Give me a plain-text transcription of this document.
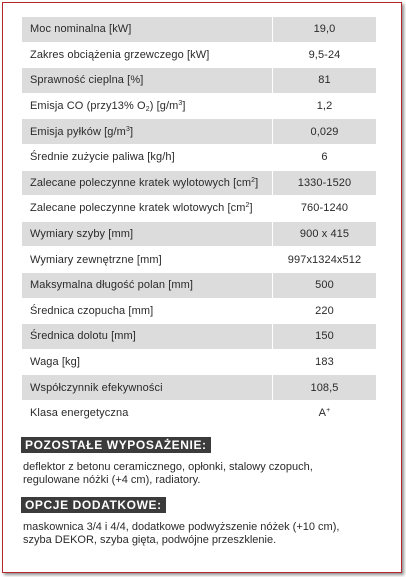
Moc nominalna [kW]	19,0
Zakres obciążenia grzewczego [kW]	9,5-24
Sprawność cieplna [%]	81
Emisja CO (przy13% $O_2$) $[g/m^3]$	1,2
Emisja pyłków $[g/m^3]$	0,029
Średnie zużycie paliwa [kg/h]	6
Zalecane poleczynne kratek wylotowych $[cm^2]$	1330-1520
Zalecane poleczynne kratek wlotowych $[cm^2]$	760-1240
Wymiary szyby [mm]	900 x 415
Wymiary zewnętrzne [mm]	997x1324x512
Maksymalna długość polan [mm]	500
Średnica czopucha [mm]	220
Średnica dolotu [mm]	150
Waga [kg]	183
Współczynnik efekywności	108,5
Klasa energetyczna	A+
POZOSTAŁE WYPOSAŻENIE:
deflektor z betonu ceramicznego, opłonki, stalowy czopuch,
regulowane nóżki (+4 cm), radiatory.
OPCJE DODATKOWE:
maskownica 3/4 i 4/4, dodatkowe podwyższenie nóżek (+10 cm),
szyba DEKOR, szyba gięta, podwójne przeszklenie.
